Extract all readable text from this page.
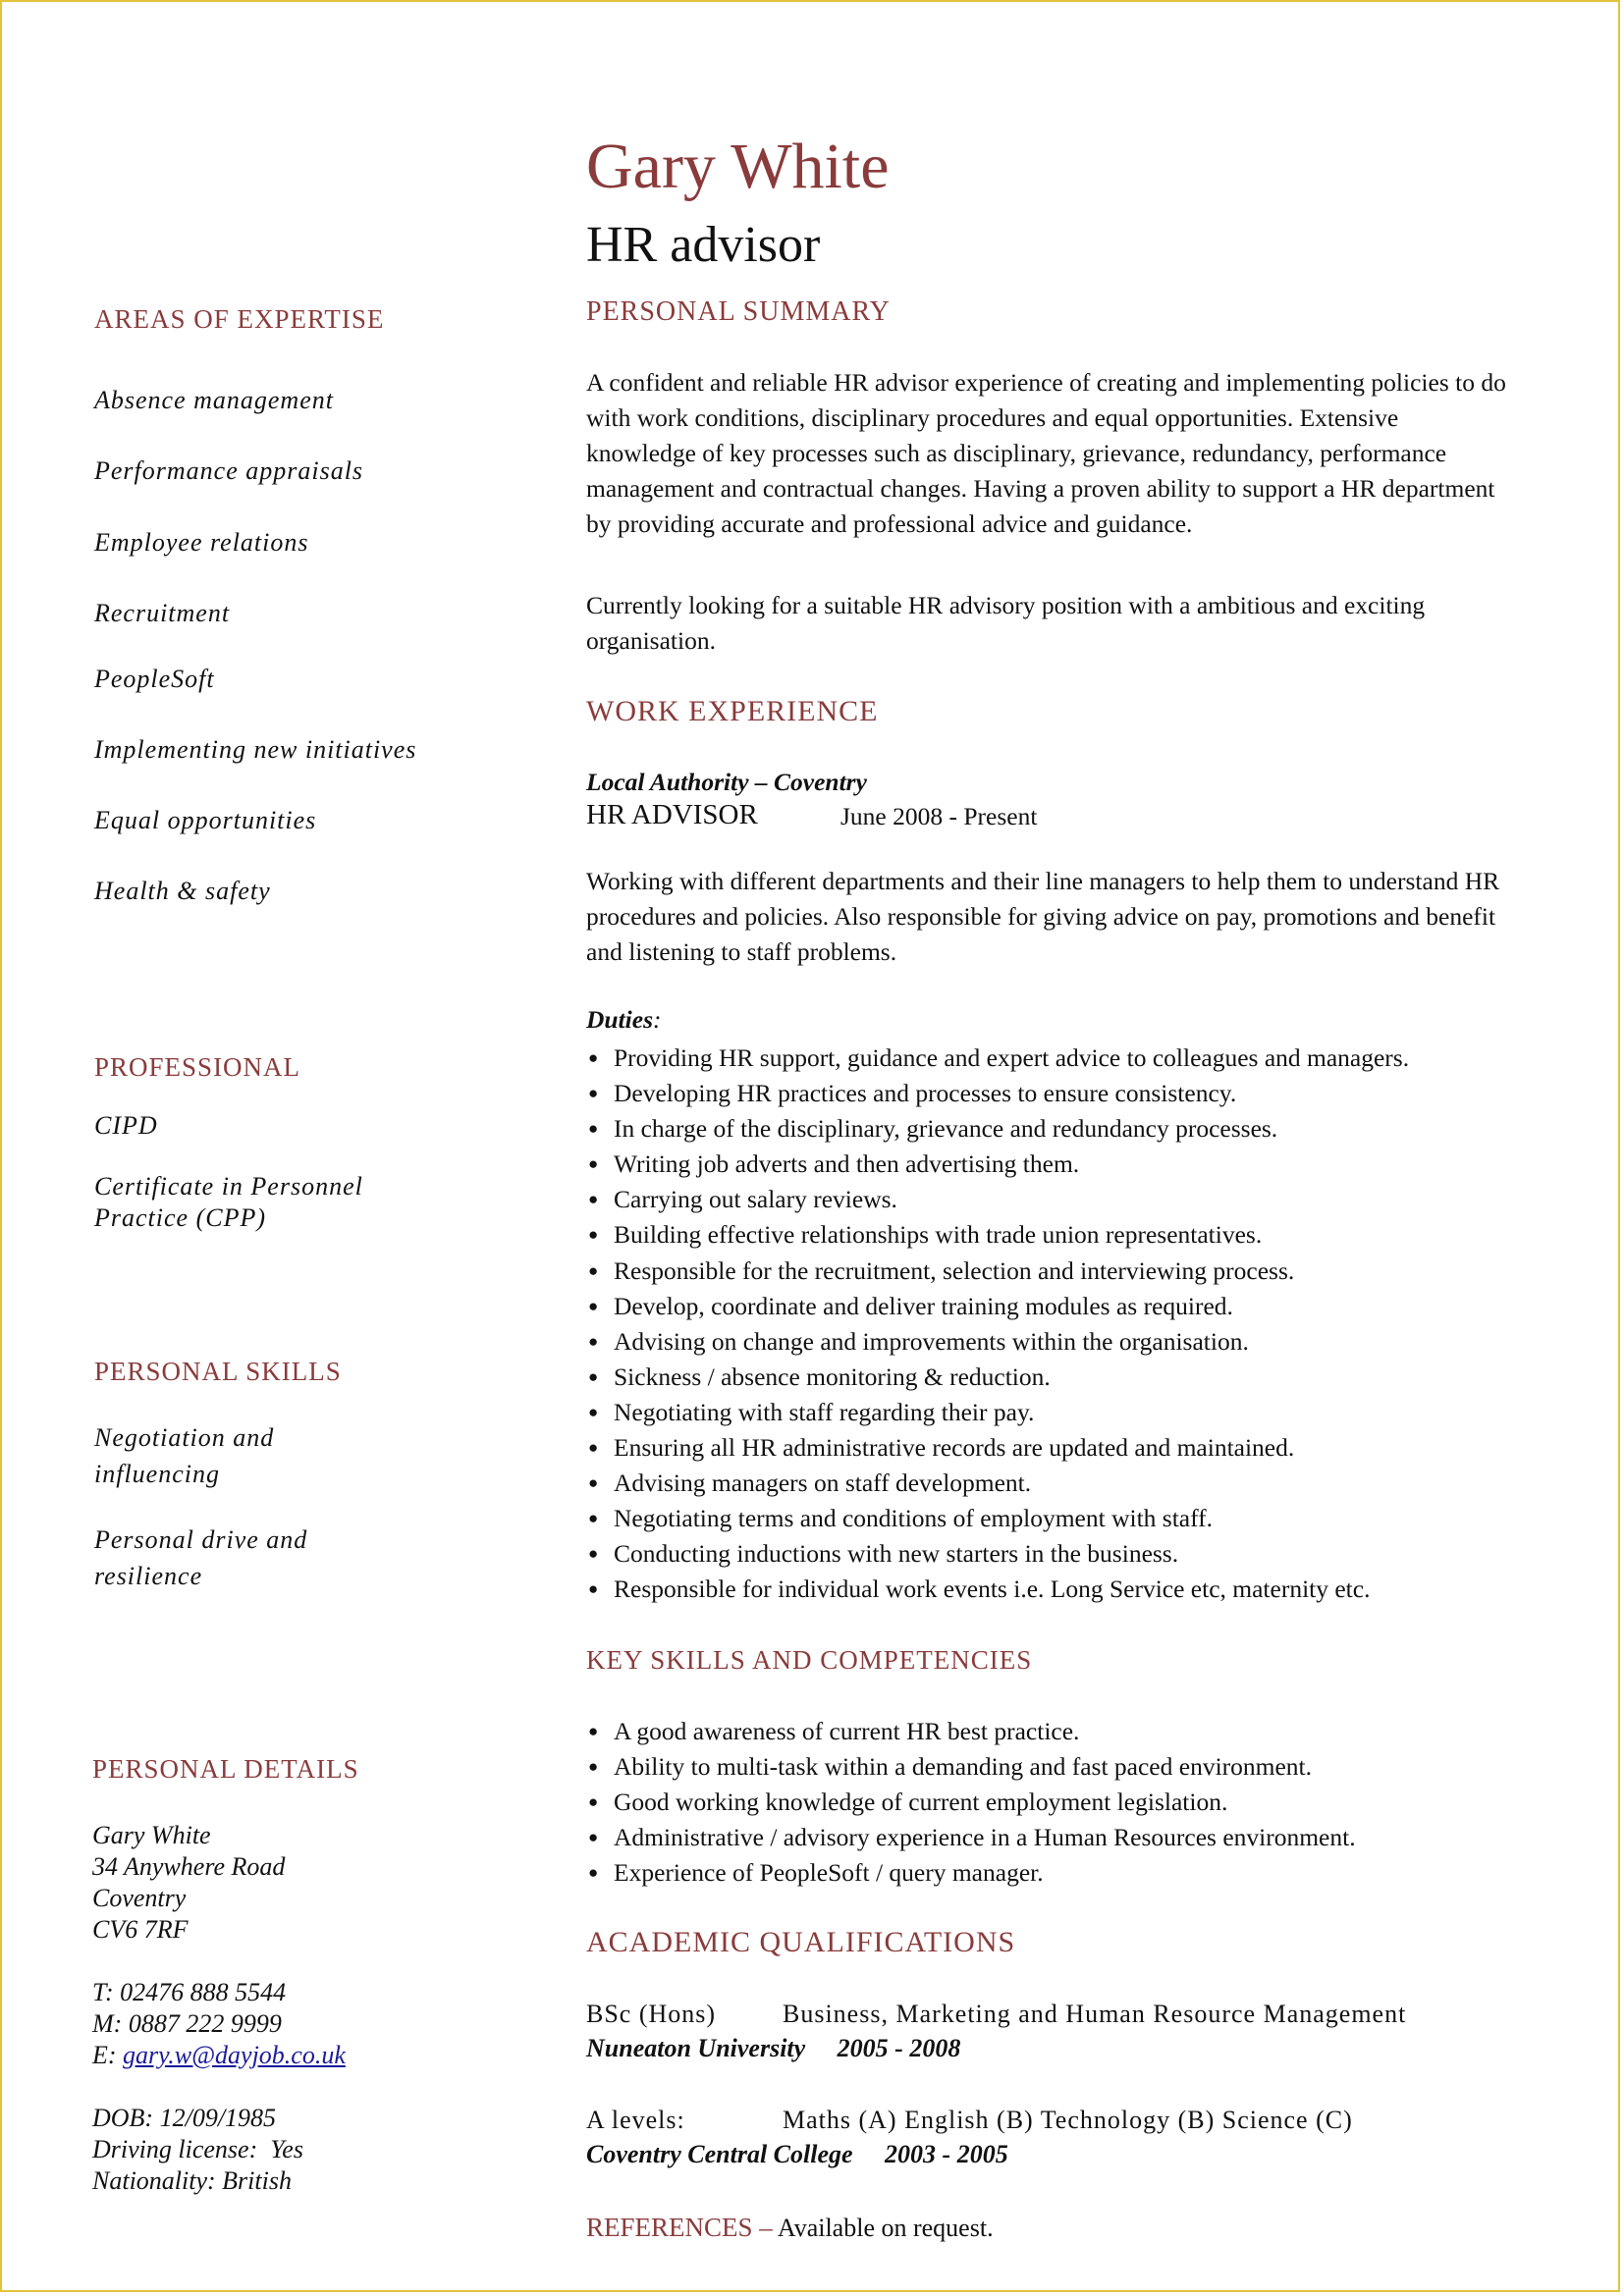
Gary White
HR advisor
AREAS OF EXPERTISE
Absence management
Performance appraisals
Employee relations
Recruitment
PeopleSoft
Implementing new initiatives
Equal opportunities
Health & safety
PROFESSIONAL
CIPD
Certificate in Personnel Practice (CPP)
PERSONAL SKILLS
Negotiation and influencing
Personal drive and resilience
PERSONAL DETAILS
Gary White
34 Anywhere Road
Coventry
CV6 7RF
T: 02476 888 5544
M: 0887 222 9999
E: gary.w@dayjob.co.uk
DOB: 12/09/1985
Driving license:  Yes
Nationality: British
PERSONAL SUMMARY
A confident and reliable HR advisor experience of creating and implementing policies to do with work conditions, disciplinary procedures and equal opportunities. Extensive knowledge of key processes such as disciplinary, grievance, redundancy, performance management and contractual changes. Having a proven ability to support a HR department by providing accurate and professional advice and guidance.
Currently looking for a suitable HR advisory position with a ambitious and exciting organisation.
WORK EXPERIENCE
Local Authority – Coventry
HR ADVISOR	June 2008 - Present
Working with different departments and their line managers to help them to understand HR procedures and policies. Also responsible for giving advice on pay, promotions and benefit and listening to staff problems.
Duties:
● Providing HR support, guidance and expert advice to colleagues and managers.
● Developing HR practices and processes to ensure consistency.
● In charge of the disciplinary, grievance and redundancy processes.
● Writing job adverts and then advertising them.
● Carrying out salary reviews.
● Building effective relationships with trade union representatives.
● Responsible for the recruitment, selection and interviewing process.
● Develop, coordinate and deliver training modules as required.
● Advising on change and improvements within the organisation.
● Sickness / absence monitoring & reduction.
● Negotiating with staff regarding their pay.
● Ensuring all HR administrative records are updated and maintained.
● Advising managers on staff development.
● Negotiating terms and conditions of employment with staff.
● Conducting inductions with new starters in the business.
● Responsible for individual work events i.e. Long Service etc, maternity etc.
KEY SKILLS AND COMPETENCIES
● A good awareness of current HR best practice.
● Ability to multi-task within a demanding and fast paced environment.
● Good working knowledge of current employment legislation.
● Administrative / advisory experience in a Human Resources environment.
● Experience of PeopleSoft / query manager.
ACADEMIC QUALIFICATIONS
BSc (Hons)	Business, Marketing and Human Resource Management
Nuneaton University     2005 - 2008
A levels:	Maths (A) English (B) Technology (B) Science (C)
Coventry Central College     2003 - 2005
REFERENCES – Available on request.
